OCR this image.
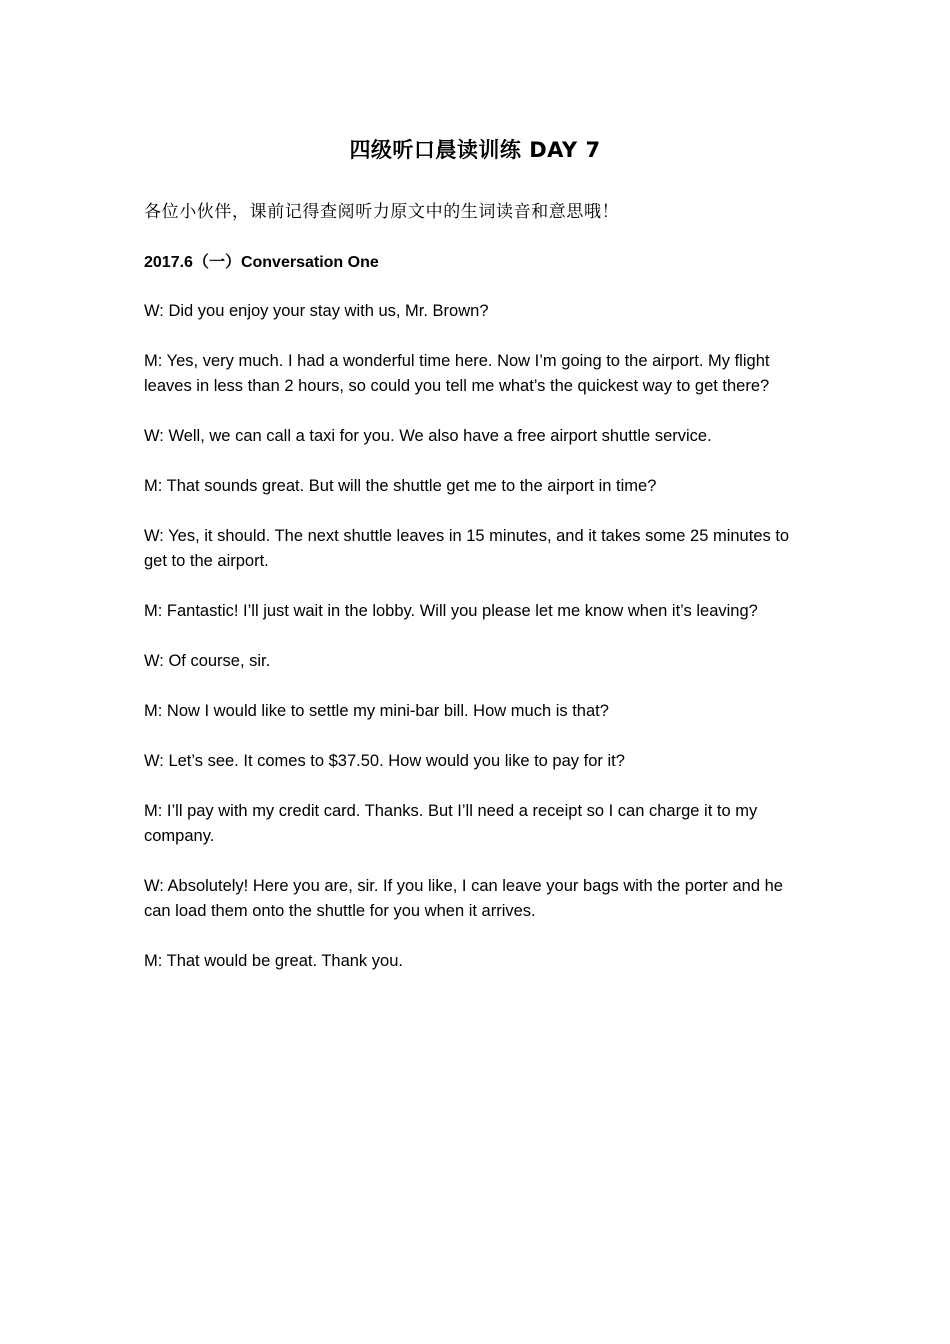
四级听口晨读训练 DAY 7
各位小伙伴，课前记得查阅听力原文中的生词读音和意思哦！
2017.6（一）Conversation One

W: Did you enjoy your stay with us, Mr. Brown?

M: Yes, very much. I had a wonderful time here. Now I’m going to the airport. My flight leaves in less than 2 hours, so could you tell me what’s the quickest way to get there?

W: Well, we can call a taxi for you. We also have a free airport shuttle service.

M: That sounds great. But will the shuttle get me to the airport in time?

W: Yes, it should. The next shuttle leaves in 15 minutes, and it takes some 25 minutes to get to the airport.

M: Fantastic! I’ll just wait in the lobby. Will you please let me know when it’s leaving?

W: Of course, sir.

M: Now I would like to settle my mini-bar bill. How much is that?

W: Let’s see. It comes to $37.50. How would you like to pay for it?

M: I’ll pay with my credit card. Thanks. But I’ll need a receipt so I can charge it to my company.

W: Absolutely! Here you are, sir. If you like, I can leave your bags with the porter and he can load them onto the shuttle for you when it arrives.

M: That would be great. Thank you.
